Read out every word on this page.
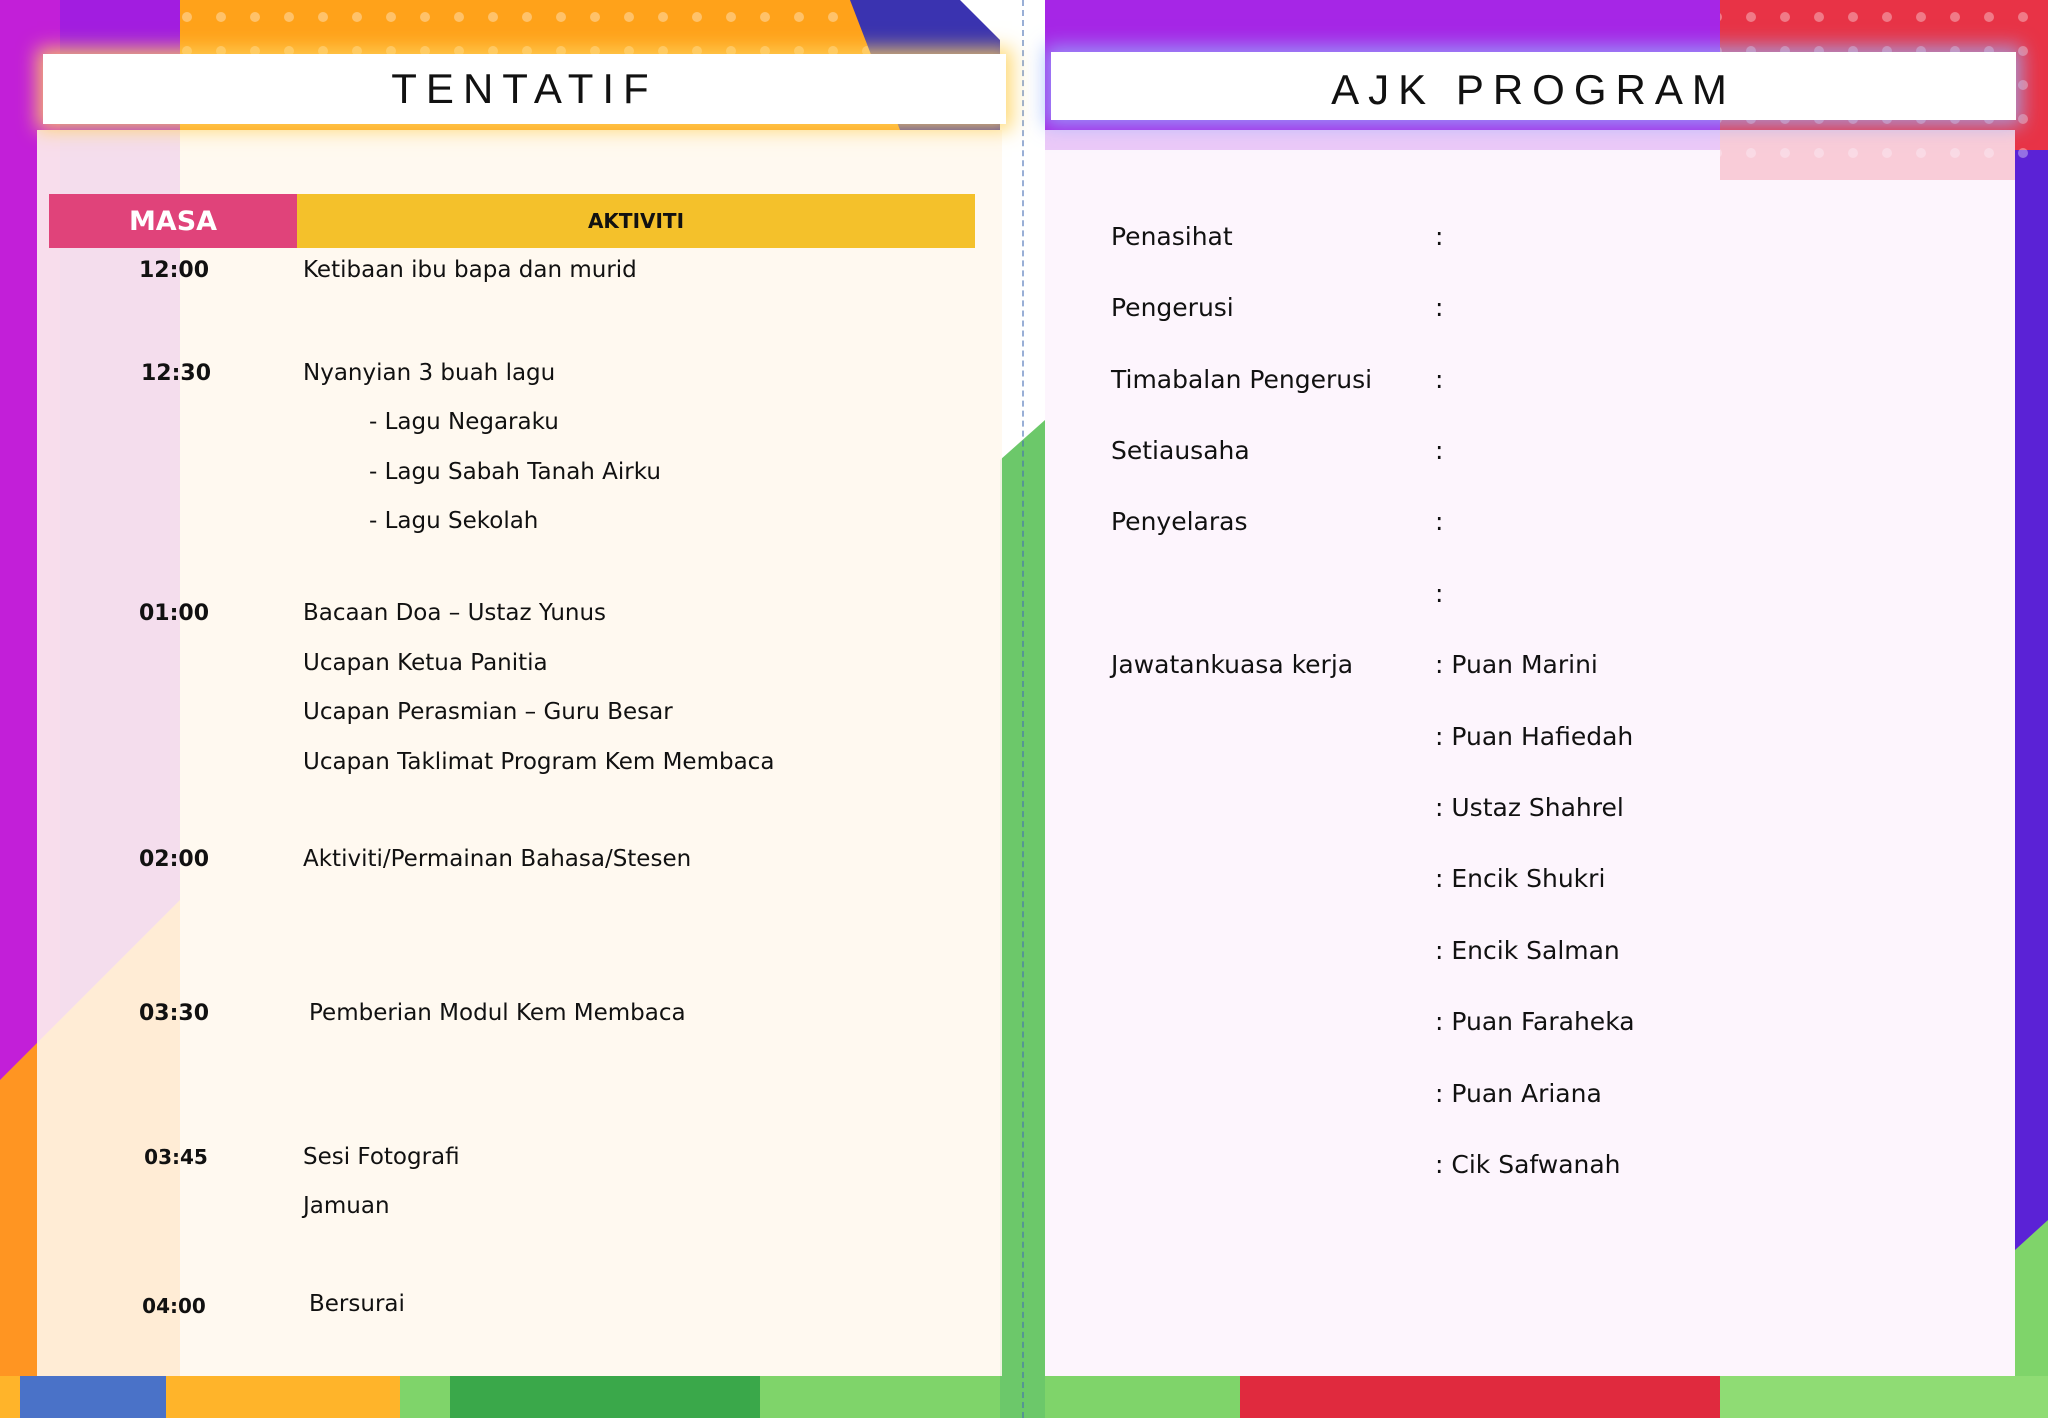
TENTATIF
MASA	AKTIVITI
12:00
12:30
01:00
02:00
03:30
03:45
04:00
Ketibaan ibu bapa dan murid
Nyanyian 3 buah lagu
- Lagu Negaraku
- Lagu Sabah Tanah Airku
- Lagu Sekolah
Bacaan Doa – Ustaz Yunus
Ucapan Ketua Panitia
Ucapan Perasmian – Guru Besar
Ucapan Taklimat Program Kem Membaca
Aktiviti/Permainan Bahasa/Stesen
Pemberian Modul Kem Membaca
Sesi Fotografi
Jamuan
Bersurai
AJK PROGRAM
Penasihat
Pengerusi
Timabalan Pengerusi
Setiausaha
Penyelaras
Jawatankuasa kerja
:
:
:
:
:
:
: Puan Marini
: Puan Hafiedah
: Ustaz Shahrel
: Encik Shukri
: Encik Salman
: Puan Faraheka
: Puan Ariana
: Cik Safwanah
